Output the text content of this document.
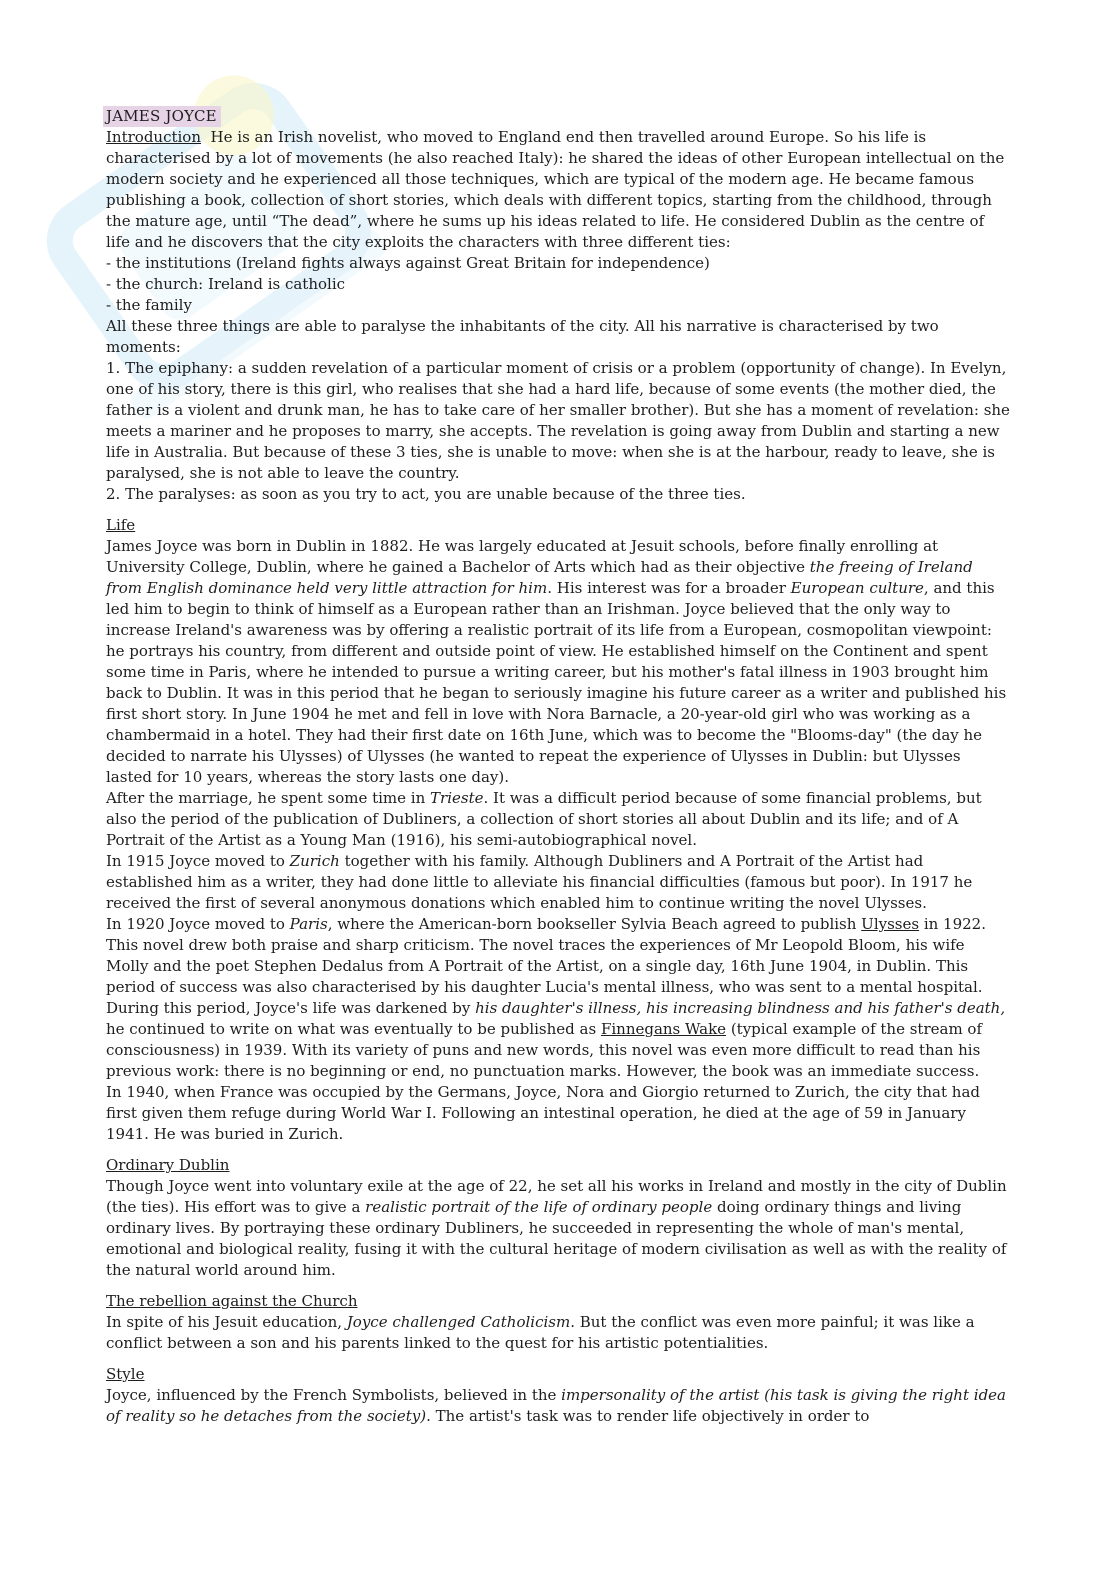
JAMES JOYCE

Introduction He is an Irish novelist, who moved to England end then travelled around Europe. So his life is characterised by a lot of movements (he also reached Italy): he shared the ideas of other European intellectual on the modern society and he experienced all those techniques, which are typical of the modern age. He became famous publishing a book, collection of short stories, which deals with different topics, starting from the childhood, through the mature age, until “The dead”, where he sums up his ideas related to life. He considered Dublin as the centre of life and he discovers that the city exploits the characters with three different ties:

- the institutions (Ireland fights always against Great Britain for independence)

- the church: Ireland is catholic

- the family

All these three things are able to paralyse the inhabitants of the city. All his narrative is characterised by two moments:

1. The epiphany: a sudden revelation of a particular moment of crisis or a problem (opportunity of change). In Evelyn, one of his story, there is this girl, who realises that she had a hard life, because of some events (the mother died, the father is a violent and drunk man, he has to take care of her smaller brother). But she has a moment of revelation: she meets a mariner and he proposes to marry, she accepts. The revelation is going away from Dublin and starting a new life in Australia. But because of these 3 ties, she is unable to move: when she is at the harbour, ready to leave, she is paralysed, she is not able to leave the country.

2. The paralyses: as soon as you try to act, you are unable because of the three ties.

Life

James Joyce was born in Dublin in 1882. He was largely educated at Jesuit schools, before finally enrolling at University College, Dublin, where he gained a Bachelor of Arts which had as their objective the freeing of Ireland from English dominance held very little attraction for him. His interest was for a broader European culture, and this led him to begin to think of himself as a European rather than an Irishman. Joyce believed that the only way to increase Ireland's awareness was by offering a realistic portrait of its life from a European, cosmopolitan viewpoint: he portrays his country, from different and outside point of view. He established himself on the Continent and spent some time in Paris, where he intended to pursue a writing career, but his mother's fatal illness in 1903 brought him back to Dublin. It was in this period that he began to seriously imagine his future career as a writer and published his first short story. In June 1904 he met and fell in love with Nora Barnacle, a 20-year-old girl who was working as a chambermaid in a hotel. They had their first date on 16th June, which was to become the "Blooms-day" (the day he decided to narrate his Ulysses) of Ulysses (he wanted to repeat the experience of Ulysses in Dublin: but Ulysses lasted for 10 years, whereas the story lasts one day).

After the marriage, he spent some time in Trieste. It was a difficult period because of some financial problems, but also the period of the publication of Dubliners, a collection of short stories all about Dublin and its life; and of A Portrait of the Artist as a Young Man (1916), his semi-autobiographical novel.

In 1915 Joyce moved to Zurich together with his family. Although Dubliners and A Portrait of the Artist had established him as a writer, they had done little to alleviate his financial difficulties (famous but poor). In 1917 he received the first of several anonymous donations which enabled him to continue writing the novel Ulysses.

In 1920 Joyce moved to Paris, where the American-born bookseller Sylvia Beach agreed to publish Ulysses in 1922. This novel drew both praise and sharp criticism. The novel traces the experiences of Mr Leopold Bloom, his wife Molly and the poet Stephen Dedalus from A Portrait of the Artist, on a single day, 16th June 1904, in Dublin. This period of success was also characterised by his daughter Lucia's mental illness, who was sent to a mental hospital. During this period, Joyce's life was darkened by his daughter's illness, his increasing blindness and his father's death, he continued to write on what was eventually to be published as Finnegans Wake (typical example of the stream of consciousness) in 1939. With its variety of puns and new words, this novel was even more difficult to read than his previous work: there is no beginning or end, no punctuation marks. However, the book was an immediate success.

In 1940, when France was occupied by the Germans, Joyce, Nora and Giorgio returned to Zurich, the city that had first given them refuge during World War I. Following an intestinal operation, he died at the age of 59 in January 1941. He was buried in Zurich.

Ordinary Dublin

Though Joyce went into voluntary exile at the age of 22, he set all his works in Ireland and mostly in the city of Dublin (the ties). His effort was to give a realistic portrait of the life of ordinary people doing ordinary things and living ordinary lives. By portraying these ordinary Dubliners, he succeeded in representing the whole of man's mental, emotional and biological reality, fusing it with the cultural heritage of modern civilisation as well as with the reality of the natural world around him.

The rebellion against the Church

In spite of his Jesuit education, Joyce challenged Catholicism. But the conflict was even more painful; it was like a conflict between a son and his parents linked to the quest for his artistic potentialities.

Style

Joyce, influenced by the French Symbolists, believed in the impersonality of the artist (his task is giving the right idea of reality so he detaches from the society). The artist's task was to render life objectively in order to
